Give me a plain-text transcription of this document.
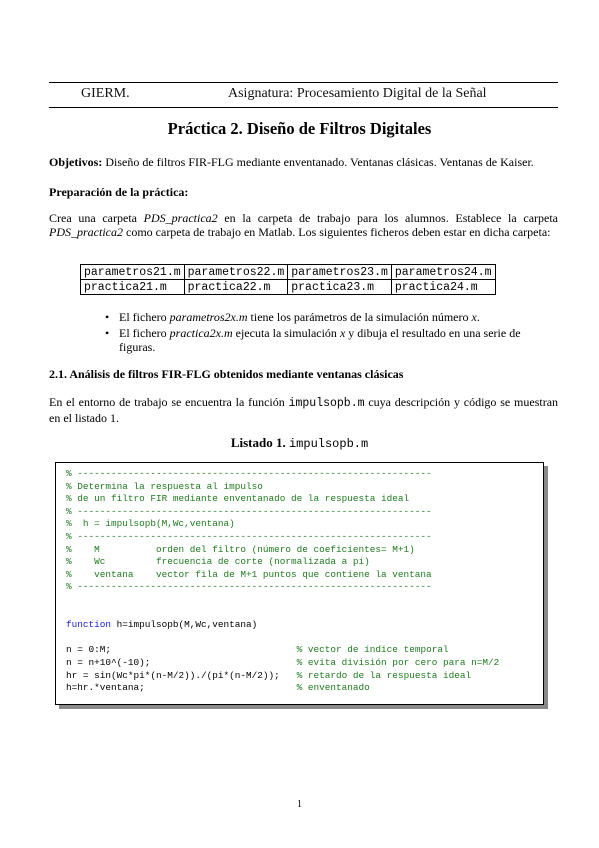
GIERM.	Asignatura: Procesamiento Digital de la Señal
Práctica 2. Diseño de Filtros Digitales
Objetivos: Diseño de filtros FIR-FLG mediante enventanado. Ventanas clásicas. Ventanas de Kaiser.
Preparación de la práctica:
Crea una carpeta PDS_practica2 en la carpeta de trabajo para los alumnos. Establece la carpeta PDS_practica2 como carpeta de trabajo en Matlab. Los siguientes ficheros deben estar en dicha carpeta:
parametros21.m	parametros22.m	parametros23.m	parametros24.m
practica21.m	practica22.m	practica23.m	practica24.m
• El fichero parametros2x.m tiene los parámetros de la simulación número x.
• El fichero practica2x.m ejecuta la simulación x y dibuja el resultado en una serie de figuras.
2.1. Análisis de filtros FIR-FLG obtenidos mediante ventanas clásicas
En el entorno de trabajo se encuentra la función impulsopb.m cuya descripción y código se muestran en el listado 1.
Listado 1. impulsopb.m
% ---------------------------------------------------------------
% Determina la respuesta al impulso
% de un filtro FIR mediante enventanado de la respuesta ideal
% ---------------------------------------------------------------
%  h = impulsopb(M,Wc,ventana)
% ---------------------------------------------------------------
%    M          orden del filtro (número de coeficientes= M+1)
%    Wc         frecuencia de corte (normalizada a pi)
%    ventana    vector fila de M+1 puntos que contiene la ventana
% ---------------------------------------------------------------

function h=impulsopb(M,Wc,ventana)

n = 0:M;                                 % vector de índice temporal
n = n+10^(-10);                          % evita división por cero para n=M/2
hr = sin(Wc*pi*(n-M/2))./(pi*(n-M/2));   % retardo de la respuesta ideal
h=hr.*ventana;                           % enventanado
1
